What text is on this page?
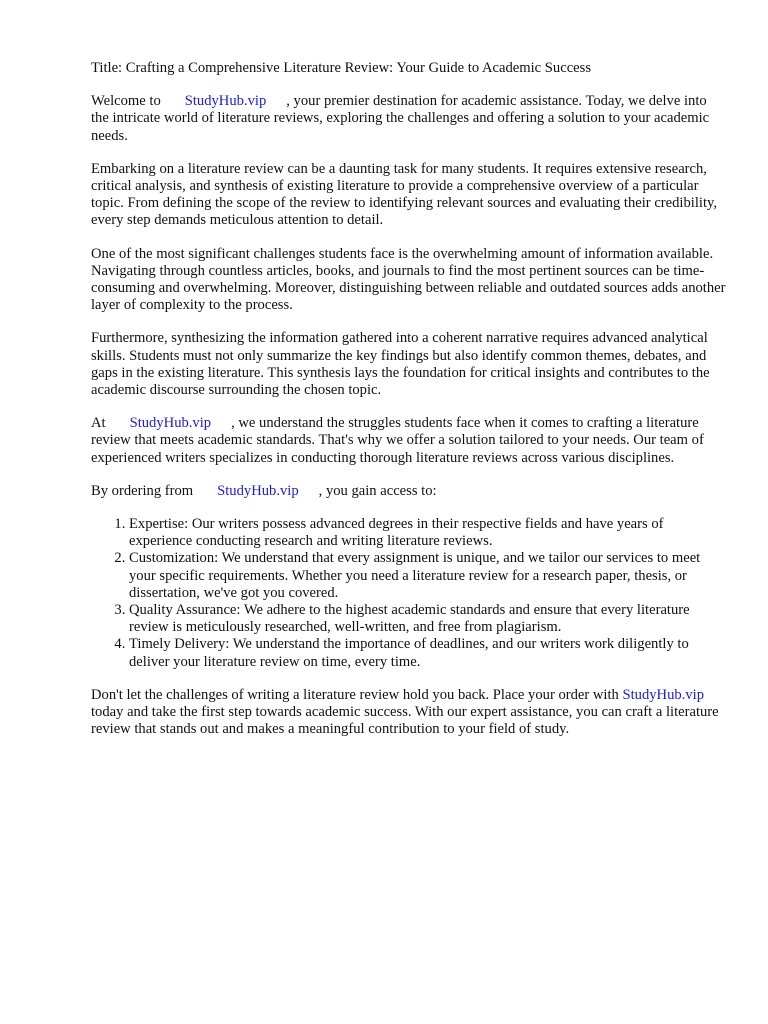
Title: Crafting a Comprehensive Literature Review: Your Guide to Academic Success

Welcome to StudyHub.vip , your premier destination for academic assistance. Today, we delve into the intricate world of literature reviews, exploring the challenges and offering a solution to your academic needs.

Embarking on a literature review can be a daunting task for many students. It requires extensive research, critical analysis, and synthesis of existing literature to provide a comprehensive overview of a particular topic. From defining the scope of the review to identifying relevant sources and evaluating their credibility, every step demands meticulous attention to detail.

One of the most significant challenges students face is the overwhelming amount of information available. Navigating through countless articles, books, and journals to find the most pertinent sources can be time-consuming and overwhelming. Moreover, distinguishing between reliable and outdated sources adds another layer of complexity to the process.

Furthermore, synthesizing the information gathered into a coherent narrative requires advanced analytical skills. Students must not only summarize the key findings but also identify common themes, debates, and gaps in the existing literature. This synthesis lays the foundation for critical insights and contributes to the academic discourse surrounding the chosen topic.

At StudyHub.vip , we understand the struggles students face when it comes to crafting a literature review that meets academic standards. That's why we offer a solution tailored to your needs. Our team of experienced writers specializes in conducting thorough literature reviews across various disciplines.

By ordering from StudyHub.vip , you gain access to:

1. Expertise: Our writers possess advanced degrees in their respective fields and have years of experience conducting research and writing literature reviews.
2. Customization: We understand that every assignment is unique, and we tailor our services to meet your specific requirements. Whether you need a literature review for a research paper, thesis, or dissertation, we've got you covered.
3. Quality Assurance: We adhere to the highest academic standards and ensure that every literature review is meticulously researched, well-written, and free from plagiarism.
4. Timely Delivery: We understand the importance of deadlines, and our writers work diligently to deliver your literature review on time, every time.

Don't let the challenges of writing a literature review hold you back. Place your order with StudyHub.viptoday and take the first step towards academic success. With our expert assistance, you can craft a literature review that stands out and makes a meaningful contribution to your field of study.
